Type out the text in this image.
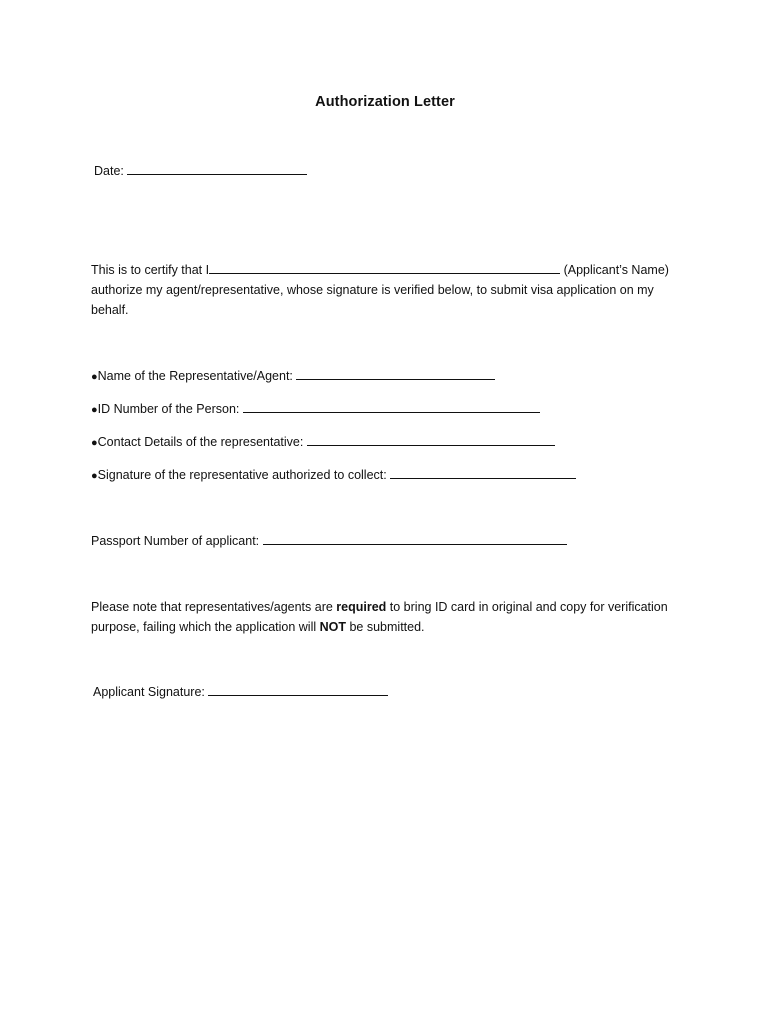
Authorization Letter
Date:
This is to certify that I	(Applicant’s Name)
authorize my agent/representative, whose signature is verified below, to submit visa application on my behalf.
●Name of the Representative/Agent:
●ID Number of the Person:
●Contact Details of the representative:
●Signature of the representative authorized to collect:
Passport Number of applicant:
Please note that representatives/agents are required to bring ID card in original and copy for verification purpose, failing which the application will NOT be submitted.
Applicant Signature:
